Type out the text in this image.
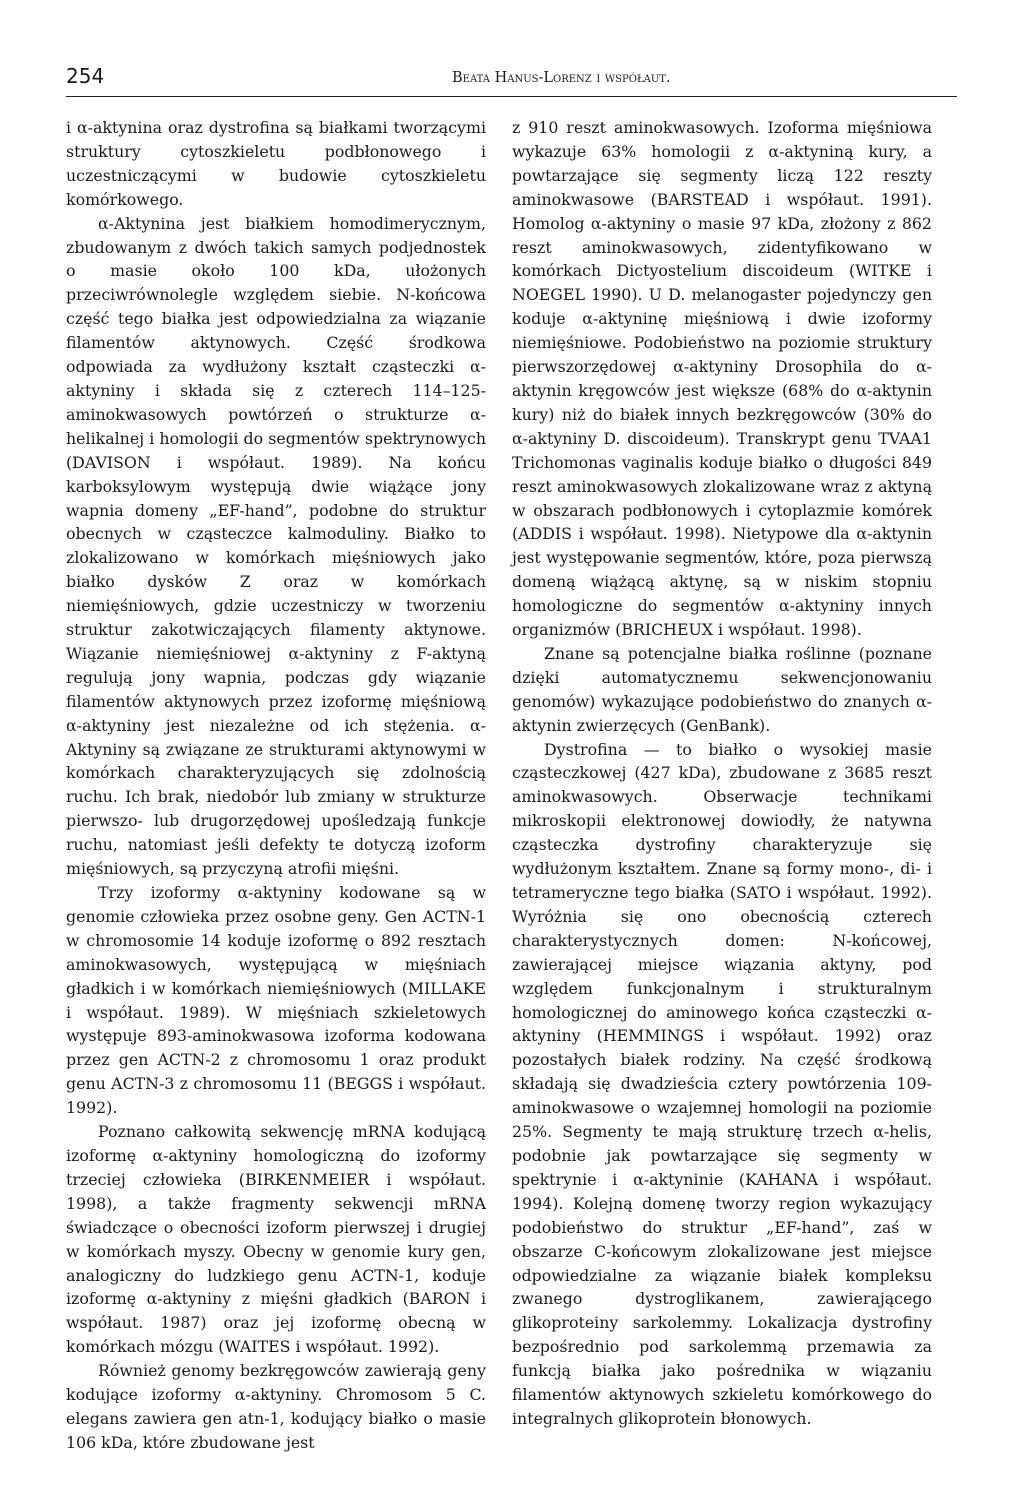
254	Beata Hanus-Lorenz i współaut.

i α-aktynina oraz dystrofina są białkami tworzącymi struktury cytoszkieletu podbłonowego i uczestniczącymi w budowie cytoszkieletu komórkowego.

α-Aktynina jest białkiem homodimerycznym, zbudowanym z dwóch takich samych podjednostek o masie około 100 kDa, ułożonych przeciwrównolegle względem siebie. N-końcowa część tego białka jest odpowiedzialna za wiązanie filamentów aktynowych. Część środkowa odpowiada za wydłużony kształt cząsteczki α-aktyniny i składa się z czterech 114–125-aminokwasowych powtórzeń o strukturze α-helikalnej i homologii do segmentów spektrynowych (DAVISON i współaut. 1989). Na końcu karboksylowym występują dwie wiążące jony wapnia domeny „EF-hand”, podobne do struktur obecnych w cząsteczce kalmoduliny. Białko to zlokalizowano w komórkach mięśniowych jako białko dysków Z oraz w komórkach niemięśniowych, gdzie uczestniczy w tworzeniu struktur zakotwiczających filamenty aktynowe. Wiązanie niemięśniowej α-aktyniny z F-aktyną regulują jony wapnia, podczas gdy wiązanie filamentów aktynowych przez izoformę mięśniową α-aktyniny jest niezależne od ich stężenia. α-Aktyniny są związane ze strukturami aktynowymi w komórkach charakteryzujących się zdolnością ruchu. Ich brak, niedobór lub zmiany w strukturze pierwszo- lub drugorzędowej upośledzają funkcje ruchu, natomiast jeśli defekty te dotyczą izoform mięśniowych, są przyczyną atrofii mięśni.

Trzy izoformy α-aktyniny kodowane są w genomie człowieka przez osobne geny. Gen ACTN-1 w chromosomie 14 koduje izoformę o 892 resztach aminokwasowych, występującą w mięśniach gładkich i w komórkach niemięśniowych (MILLAKE i współaut. 1989). W mięśniach szkieletowych występuje 893-aminokwasowa izoforma kodowana przez gen ACTN-2 z chromosomu 1 oraz produkt genu ACTN-3 z chromosomu 11 (BEGGS i współaut. 1992).

Poznano całkowitą sekwencję mRNA kodującą izoformę α-aktyniny homologiczną do izoformy trzeciej człowieka (BIRKENMEIER i współaut. 1998), a także fragmenty sekwencji mRNA świadczące o obecności izoform pierwszej i drugiej w komórkach myszy. Obecny w genomie kury gen, analogiczny do ludzkiego genu ACTN-1, koduje izoformę α-aktyniny z mięśni gładkich (BARON i współaut. 1987) oraz jej izoformę obecną w komórkach mózgu (WAITES i współaut. 1992).

Również genomy bezkręgowców zawierają geny kodujące izoformy α-aktyniny. Chromosom 5 C. elegans zawiera gen atn-1, kodujący białko o masie 106 kDa, które zbudowane jest

z 910 reszt aminokwasowych. Izoforma mięśniowa wykazuje 63% homologii z α-aktyniną kury, a powtarzające się segmenty liczą 122 reszty aminokwasowe (BARSTEAD i współaut. 1991). Homolog α-aktyniny o masie 97 kDa, złożony z 862 reszt aminokwasowych, zidentyfikowano w komórkach Dictyostelium discoideum (WITKE i NOEGEL 1990). U D. melanogaster pojedynczy gen koduje α-aktyninę mięśniową i dwie izoformy niemięśniowe. Podobieństwo na poziomie struktury pierwszorzędowej α-aktyniny Drosophila do α-aktynin kręgowców jest większe (68% do α-aktynin kury) niż do białek innych bezkręgowców (30% do α-aktyniny D. discoideum). Transkrypt genu TVAA1 Trichomonas vaginalis koduje białko o długości 849 reszt aminokwasowych zlokalizowane wraz z aktyną w obszarach podbłonowych i cytoplazmie komórek (ADDIS i współaut. 1998). Nietypowe dla α-aktynin jest występowanie segmentów, które, poza pierwszą domeną wiążącą aktynę, są w niskim stopniu homologiczne do segmentów α-aktyniny innych organizmów (BRICHEUX i współaut. 1998).

Znane są potencjalne białka roślinne (poznane dzięki automatycznemu sekwencjonowaniu genomów) wykazujące podobieństwo do znanych α-aktynin zwierzęcych (GenBank).

Dystrofina — to białko o wysokiej masie cząsteczkowej (427 kDa), zbudowane z 3685 reszt aminokwasowych. Obserwacje technikami mikroskopii elektronowej dowiodły, że natywna cząsteczka dystrofiny charakteryzuje się wydłużonym kształtem. Znane są formy mono-, di- i tetrameryczne tego białka (SATO i współaut. 1992). Wyróżnia się ono obecnością czterech charakterystycznych domen: N-końcowej, zawierającej miejsce wiązania aktyny, pod względem funkcjonalnym i strukturalnym homologicznej do aminowego końca cząsteczki α-aktyniny (HEMMINGS i współaut. 1992) oraz pozostałych białek rodziny. Na część środkową składają się dwadzieścia cztery powtórzenia 109-aminokwasowe o wzajemnej homologii na poziomie 25%. Segmenty te mają strukturę trzech α-helis, podobnie jak powtarzające się segmenty w spektrynie i α-aktyninie (KAHANA i współaut. 1994). Kolejną domenę tworzy region wykazujący podobieństwo do struktur „EF-hand”, zaś w obszarze C-końcowym zlokalizowane jest miejsce odpowiedzialne za wiązanie białek kompleksu zwanego dystroglikanem, zawierającego glikoproteiny sarkolemmy. Lokalizacja dystrofiny bezpośrednio pod sarkolemmą przemawia za funkcją białka jako pośrednika w wiązaniu filamentów aktynowych szkieletu komórkowego do integralnych glikoprotein błonowych.
